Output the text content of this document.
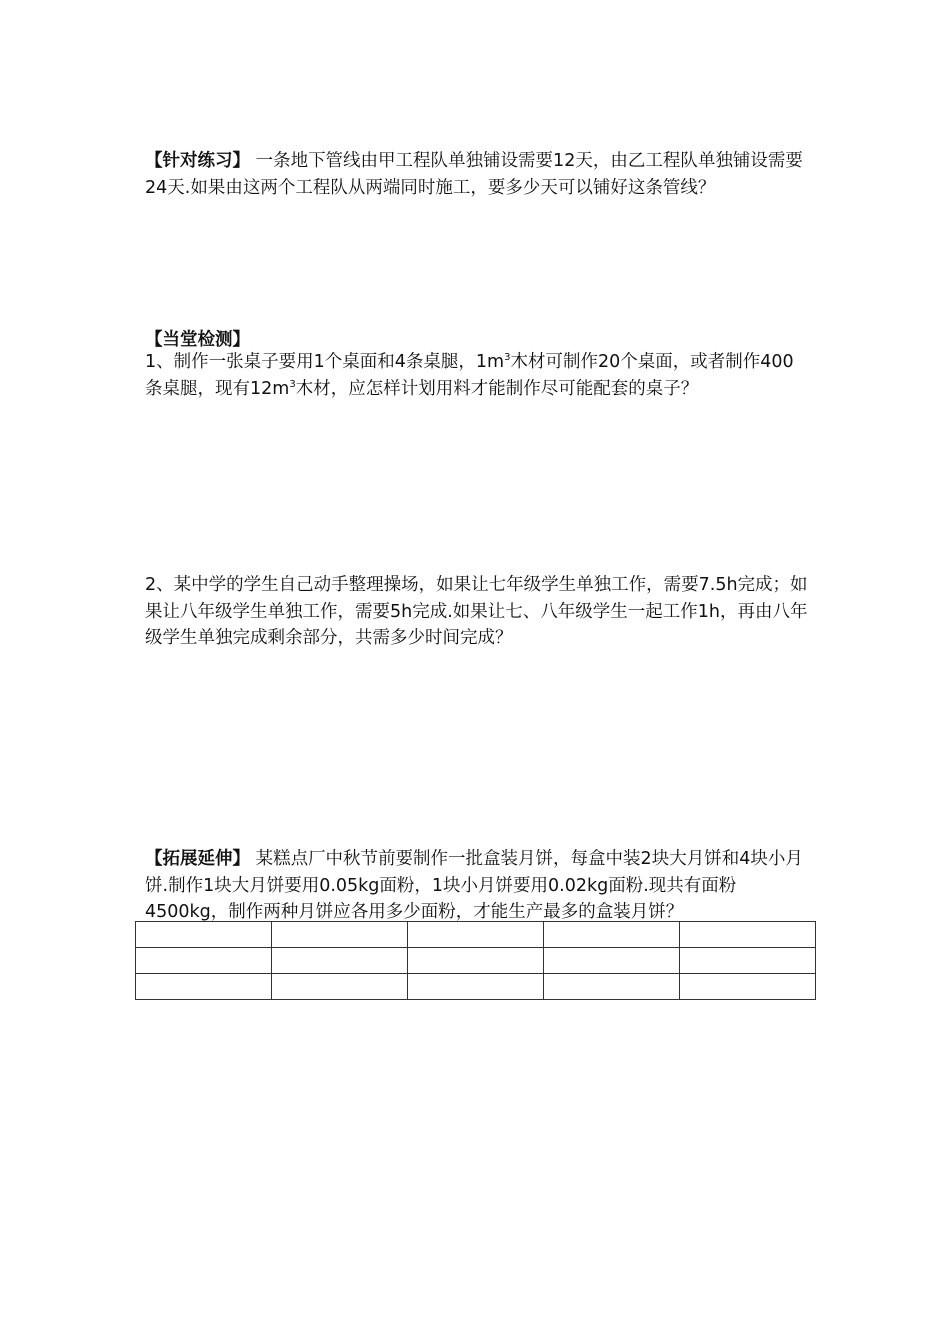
【针对练习】 一条地下管线由甲工程队单独铺设需要12天，由乙工程队单独铺设需要24天.如果由这两个工程队从两端同时施工，要多少天可以铺好这条管线？

【当堂检测】

1、制作一张桌子要用1个桌面和4条桌腿，$1m^3$木材可制作20个桌面，或者制作400条桌腿，现有$12m^3$木材，应怎样计划用料才能制作尽可能配套的桌子？

2、某中学的学生自己动手整理操场，如果让七年级学生单独工作，需要7.5h完成；如果让八年级学生单独工作，需要5h完成.如果让七、八年级学生一起工作1h，再由八年级学生单独完成剩余部分，共需多少时间完成？

【拓展延伸】 某糕点厂中秋节前要制作一批盒装月饼，每盒中装2块大月饼和4块小月饼.制作1块大月饼要用0.05kg面粉，1块小月饼要用0.02kg面粉.现共有面粉4500kg，制作两种月饼应各用多少面粉，才能生产最多的盒装月饼？
